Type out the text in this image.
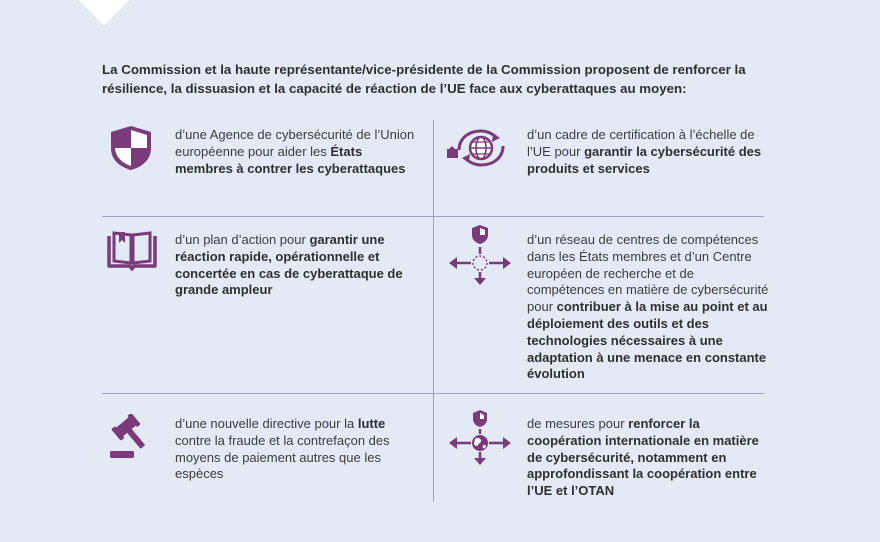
La Commission et la haute représentante/vice-présidente de la Commission proposent de renforcer la résilience, la dissuasion et la capacité de réaction de l’UE face aux cyberattaques au moyen:
d’une Agence de cybersécurité de l’Union européenne pour aider les États membres à contrer les cyberattaques
d’un cadre de certification à l’échelle de l’UE pour garantir la cybersécurité des produits et services
d’un plan d’action pour garantir une réaction rapide, opérationnelle et concertée en cas de cyberattaque de grande ampleur
d’un réseau de centres de compétences dans les États membres et d’un Centre européen de recherche et de compétences en matière de cybersécurité pour contribuer à la mise au point et au déploiement des outils et des technologies nécessaires à une adaptation à une menace en constante évolution
d’une nouvelle directive pour la lutte contre la fraude et la contrefaçon des moyens de paiement autres que les espèces
de mesures pour renforcer la coopération internationale en matière de cybersécurité, notamment en approfondissant la coopération entre l’UE et l’OTAN
